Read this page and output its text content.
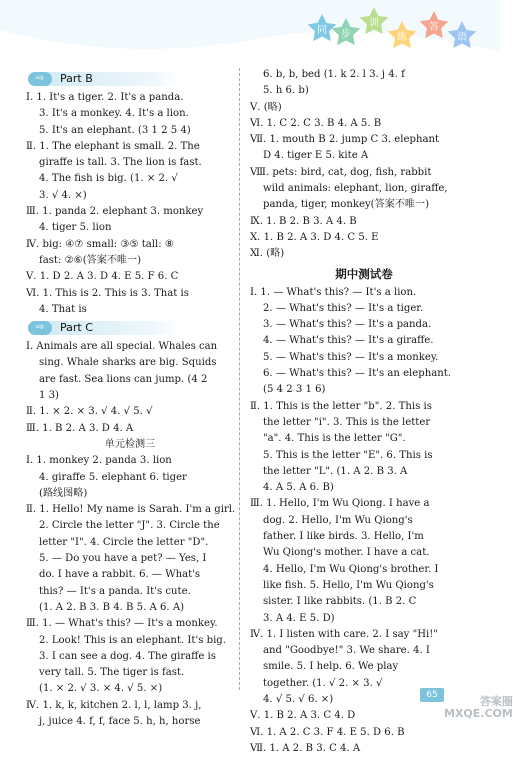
同 步
训
练
答
语
⇨	Part B
Ⅰ. 1. It's a tiger. 2. It's a panda.
3. It's a monkey. 4. It's a lion.
5. It's an elephant. (3 1 2 5 4)
Ⅱ. 1. The elephant is small. 2. The
giraffe is tall. 3. The lion is fast.
4. The fish is big. (1. × 2. √
3. √ 4. ×)
Ⅲ. 1. panda 2. elephant 3. monkey
4. tiger 5. lion
Ⅳ. big: ④⑦ small: ③⑤ tall: ⑧
fast: ②⑥(答案不唯一)
Ⅴ. 1. D 2. A 3. D 4. E 5. F 6. C
Ⅵ. 1. This is 2. This is 3. That is
4. That is
⇨	Part C
Ⅰ. Animals are all special. Whales can
sing. Whale sharks are big. Squids
are fast. Sea lions can jump. (4 2
1 3)
Ⅱ. 1. × 2. × 3. √ 4. √ 5. √
Ⅲ. 1. B 2. A 3. D 4. A
单元检测三
Ⅰ. 1. monkey 2. panda 3. lion
4. giraffe 5. elephant 6. tiger
(路线图略)
Ⅱ. 1. Hello! My name is Sarah. I'm a girl.
2. Circle the letter "J". 3. Circle the
letter "I". 4. Circle the letter "D".
5. — Do you have a pet? — Yes, I
do. I have a rabbit. 6. — What's
this? — It's a panda. It's cute.
(1. A 2. B 3. B 4. B 5. A 6. A)
Ⅲ. 1. — What's this? — It's a monkey.
2. Look! This is an elephant. It's big.
3. I can see a dog. 4. The giraffe is
very tall. 5. The tiger is fast.
(1. × 2. √ 3. × 4. √ 5. ×)
Ⅳ. 1. k, k, kitchen 2. l, l, lamp 3. j,
j, juice 4. f, f, face 5. h, h, horse
6. b, b, bed (1. k 2. l 3. j 4. f
5. h 6. b)
Ⅴ. (略)
Ⅵ. 1. C 2. C 3. B 4. A 5. B
Ⅶ. 1. mouth B 2. jump C 3. elephant
D 4. tiger E 5. kite A
Ⅷ. pets: bird, cat, dog, fish, rabbit
wild animals: elephant, lion, giraffe,
panda, tiger, monkey(答案不唯一)
Ⅸ. 1. B 2. B 3. A 4. B
Ⅹ. 1. B 2. A 3. D 4. C 5. E
Ⅺ. (略)
期中测试卷
Ⅰ. 1. — What's this? — It's a lion.
2. — What's this? — It's a tiger.
3. — What's this? — It's a panda.
4. — What's this? — It's a giraffe.
5. — What's this? — It's a monkey.
6. — What's this? — It's an elephant.
(5 4 2 3 1 6)
Ⅱ. 1. This is the letter "b". 2. This is
the letter "i". 3. This is the letter
"a". 4. This is the letter "G".
5. This is the letter "E". 6. This is
the letter "L". (1. A 2. B 3. A
4. A 5. A 6. B)
Ⅲ. 1. Hello, I'm Wu Qiong. I have a
dog. 2. Hello, I'm Wu Qiong's
father. I like birds. 3. Hello, I'm
Wu Qiong's mother. I have a cat.
4. Hello, I'm Wu Qiong's brother. I
like fish. 5. Hello, I'm Wu Qiong's
sister. I like rabbits. (1. B 2. C
3. A 4. E 5. D)
Ⅳ. 1. I listen with care. 2. I say "Hi!"
and "Goodbye!" 3. We share. 4. I
smile. 5. I help. 6. We play
together. (1. √ 2. × 3. √
4. √ 5. √ 6. ×)
Ⅴ. 1. B 2. A 3. C 4. D
Ⅵ. 1. A 2. C 3. F 4. E 5. D 6. B
Ⅶ. 1. A 2. B 3. C 4. A
65	答案圈
MXQE.COM
